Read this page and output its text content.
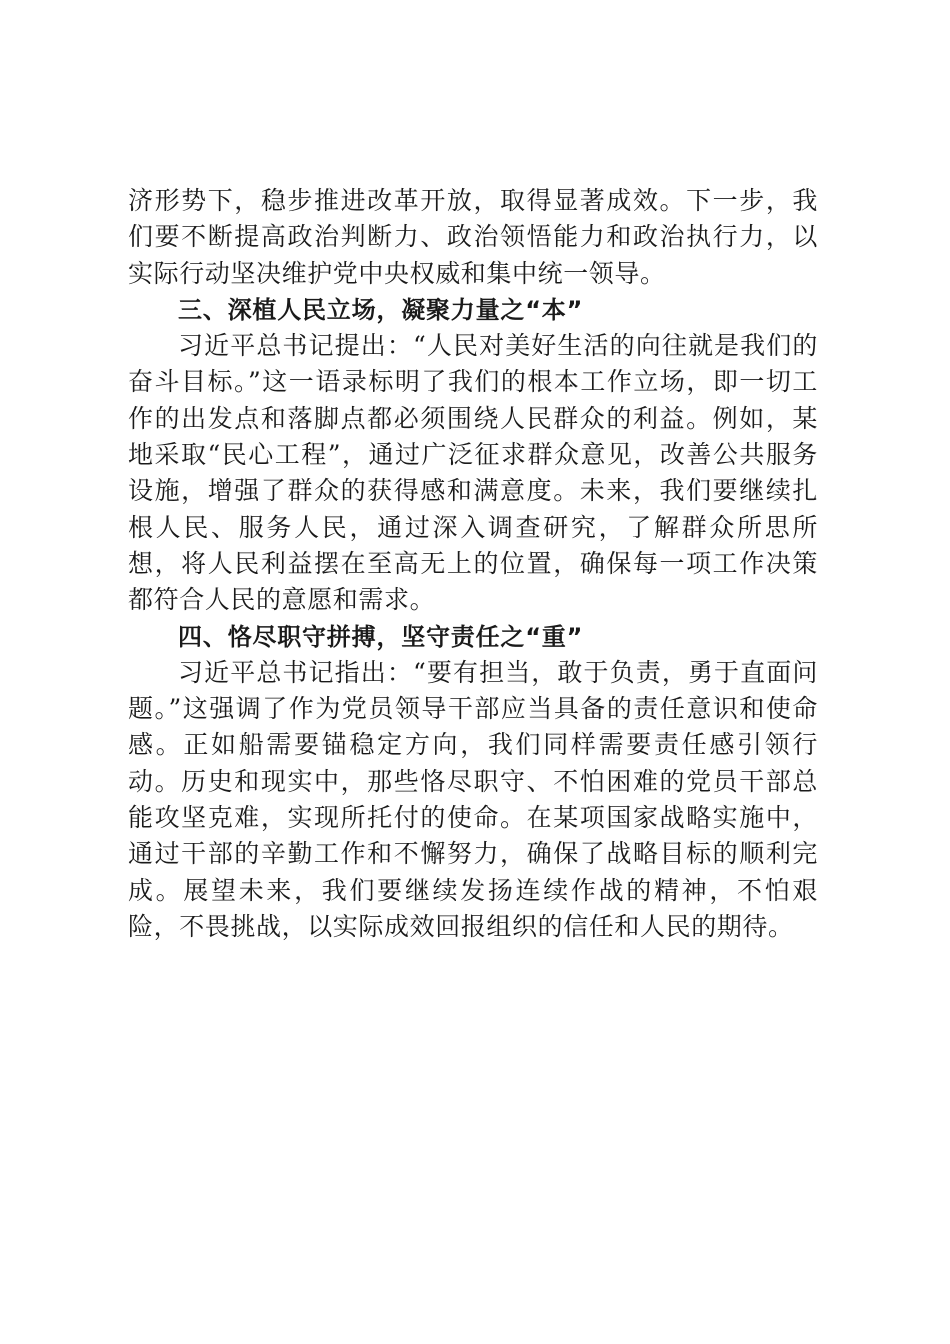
济形势下，稳步推进改革开放，取得显著成效。下一步，我们要不断提高政治判断力、政治领悟能力和政治执行力，以实际行动坚决维护党中央权威和集中统一领导。

三、深植人民立场，凝聚力量之“本”

习近平总书记提出：“人民对美好生活的向往就是我们的奋斗目标。”这一语录标明了我们的根本工作立场，即一切工作的出发点和落脚点都必须围绕人民群众的利益。例如，某地采取“民心工程”，通过广泛征求群众意见，改善公共服务设施，增强了群众的获得感和满意度。未来，我们要继续扎根人民、服务人民，通过深入调查研究，了解群众所思所想，将人民利益摆在至高无上的位置，确保每一项工作决策都符合人民的意愿和需求。

四、恪尽职守拼搏，坚守责任之“重”

习近平总书记指出：“要有担当，敢于负责，勇于直面问题。”这强调了作为党员领导干部应当具备的责任意识和使命感。正如船需要锚稳定方向，我们同样需要责任感引领行动。历史和现实中，那些恪尽职守、不怕困难的党员干部总能攻坚克难，实现所托付的使命。在某项国家战略实施中，通过干部的辛勤工作和不懈努力，确保了战略目标的顺利完成。展望未来，我们要继续发扬连续作战的精神，不怕艰险，不畏挑战，以实际成效回报组织的信任和人民的期待。
